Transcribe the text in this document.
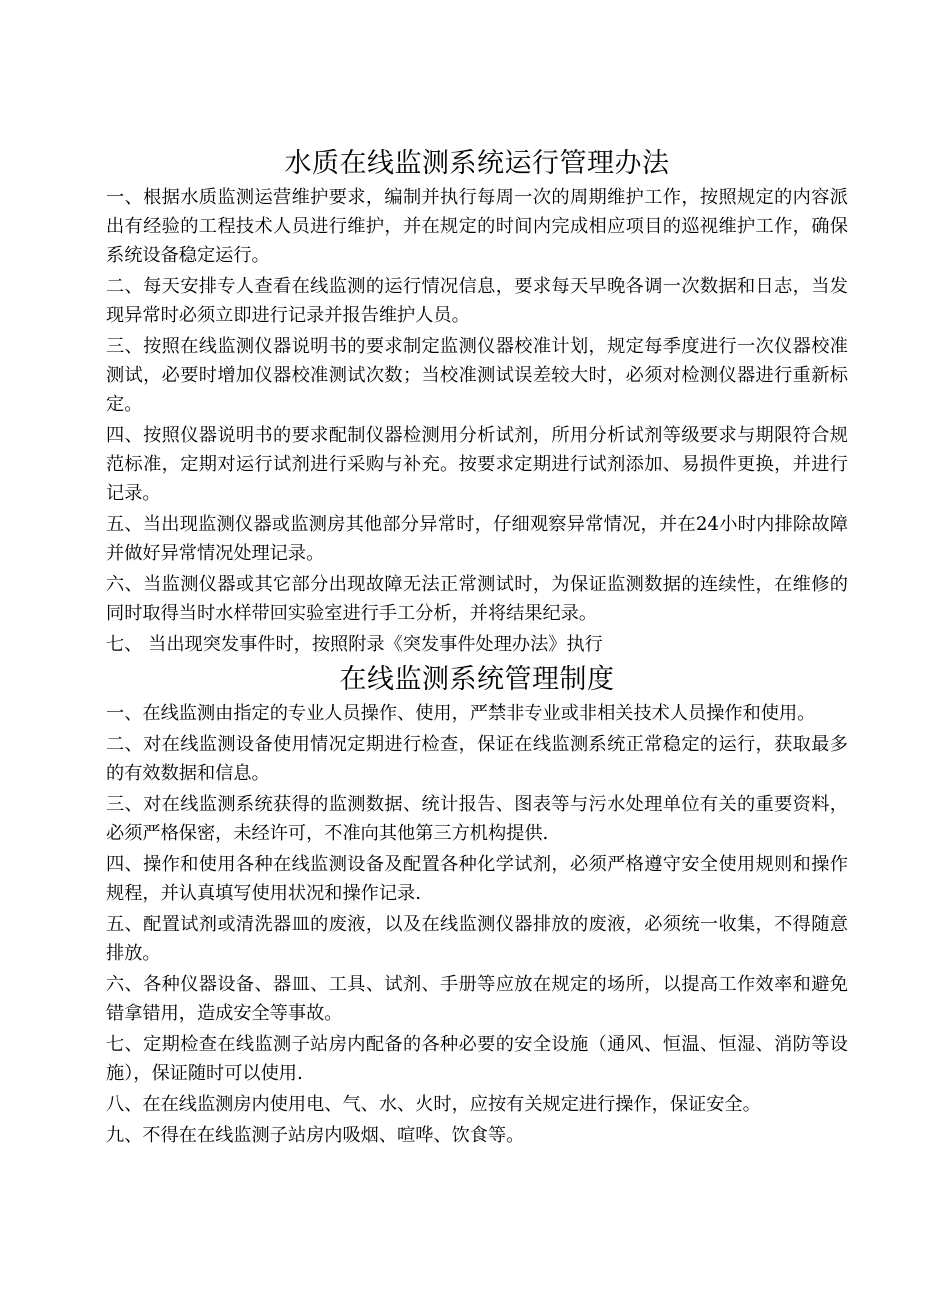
水质在线监测系统运行管理办法

一、根据水质监测运营维护要求，编制并执行每周一次的周期维护工作，按照规定的内容派出有经验的工程技术人员进行维护，并在规定的时间内完成相应项目的巡视维护工作，确保系统设备稳定运行。

二、每天安排专人查看在线监测的运行情况信息，要求每天早晚各调一次数据和日志，当发现异常时必须立即进行记录并报告维护人员。

三、按照在线监测仪器说明书的要求制定监测仪器校准计划，规定每季度进行一次仪器校准测试，必要时增加仪器校准测试次数；当校准测试误差较大时，必须对检测仪器进行重新标定。

四、按照仪器说明书的要求配制仪器检测用分析试剂，所用分析试剂等级要求与期限符合规范标准，定期对运行试剂进行采购与补充。按要求定期进行试剂添加、易损件更换，并进行记录。

五、当出现监测仪器或监测房其他部分异常时，仔细观察异常情况，并在24小时内排除故障并做好异常情况处理记录。

六、当监测仪器或其它部分出现故障无法正常测试时，为保证监测数据的连续性，在维修的同时取得当时水样带回实验室进行手工分析，并将结果纪录。

七、 当出现突发事件时，按照附录《突发事件处理办法》执行

在线监测系统管理制度

一、在线监测由指定的专业人员操作、使用，严禁非专业或非相关技术人员操作和使用。

二、对在线监测设备使用情况定期进行检查，保证在线监测系统正常稳定的运行，获取最多的有效数据和信息。

三、对在线监测系统获得的监测数据、统计报告、图表等与污水处理单位有关的重要资料，必须严格保密，未经许可，不准向其他第三方机构提供.

四、操作和使用各种在线监测设备及配置各种化学试剂，必须严格遵守安全使用规则和操作规程，并认真填写使用状况和操作记录.

五、配置试剂或清洗器皿的废液，以及在线监测仪器排放的废液，必须统一收集，不得随意排放。

六、各种仪器设备、器皿、工具、试剂、手册等应放在规定的场所，以提高工作效率和避免错拿错用，造成安全等事故。

七、定期检查在线监测子站房内配备的各种必要的安全设施（通风、恒温、恒湿、消防等设施），保证随时可以使用.

八、在在线监测房内使用电、气、水、火时，应按有关规定进行操作，保证安全。

九、不得在在线监测子站房内吸烟、喧哗、饮食等。
